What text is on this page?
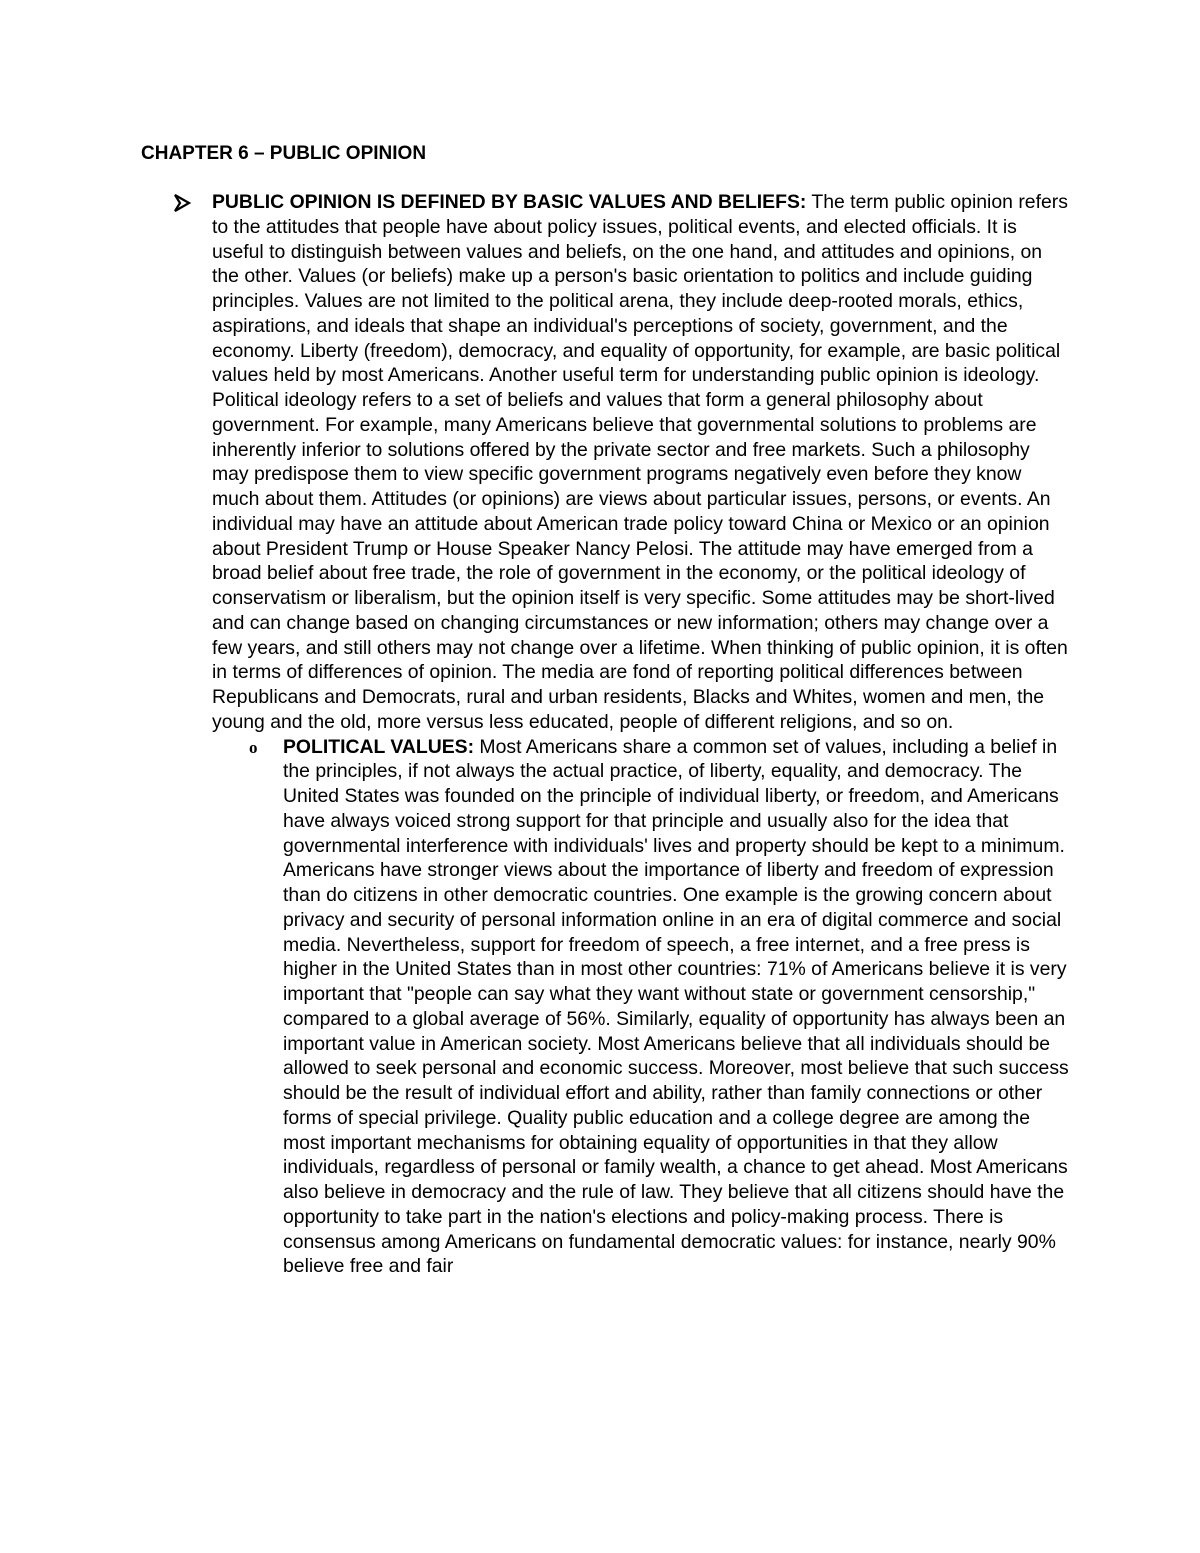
CHAPTER 6 – PUBLIC OPINION

PUBLIC OPINION IS DEFINED BY BASIC VALUES AND BELIEFS: The term public opinion refers to the attitudes that people have about policy issues, political events, and elected officials. It is useful to distinguish between values and beliefs, on the one hand, and attitudes and opinions, on the other. Values (or beliefs) make up a person's basic orientation to politics and include guiding principles. Values are not limited to the political arena, they include deep-rooted morals, ethics, aspirations, and ideals that shape an individual's perceptions of society, government, and the economy. Liberty (freedom), democracy, and equality of opportunity, for example, are basic political values held by most Americans. Another useful term for understanding public opinion is ideology. Political ideology refers to a set of beliefs and values that form a general philosophy about government. For example, many Americans believe that governmental solutions to problems are inherently inferior to solutions offered by the private sector and free markets. Such a philosophy may predispose them to view specific government programs negatively even before they know much about them. Attitudes (or opinions) are views about particular issues, persons, or events. An individual may have an attitude about American trade policy toward China or Mexico or an opinion about President Trump or House Speaker Nancy Pelosi. The attitude may have emerged from a broad belief about free trade, the role of government in the economy, or the political ideology of conservatism or liberalism, but the opinion itself is very specific. Some attitudes may be short-lived and can change based on changing circumstances or new information; others may change over a few years, and still others may not change over a lifetime. When thinking of public opinion, it is often in terms of differences of opinion. The media are fond of reporting political differences between Republicans and Democrats, rural and urban residents, Blacks and Whites, women and men, the young and the old, more versus less educated, people of different religions, and so on.

o POLITICAL VALUES: Most Americans share a common set of values, including a belief in the principles, if not always the actual practice, of liberty, equality, and democracy. The United States was founded on the principle of individual liberty, or freedom, and Americans have always voiced strong support for that principle and usually also for the idea that governmental interference with individuals' lives and property should be kept to a minimum. Americans have stronger views about the importance of liberty and freedom of expression than do citizens in other democratic countries. One example is the growing concern about privacy and security of personal information online in an era of digital commerce and social media. Nevertheless, support for freedom of speech, a free internet, and a free press is higher in the United States than in most other countries: 71% of Americans believe it is very important that "people can say what they want without state or government censorship," compared to a global average of 56%. Similarly, equality of opportunity has always been an important value in American society. Most Americans believe that all individuals should be allowed to seek personal and economic success. Moreover, most believe that such success should be the result of individual effort and ability, rather than family connections or other forms of special privilege. Quality public education and a college degree are among the most important mechanisms for obtaining equality of opportunities in that they allow individuals, regardless of personal or family wealth, a chance to get ahead. Most Americans also believe in democracy and the rule of law. They believe that all citizens should have the opportunity to take part in the nation's elections and policy-making process. There is consensus among Americans on fundamental democratic values: for instance, nearly 90% believe free and fair
